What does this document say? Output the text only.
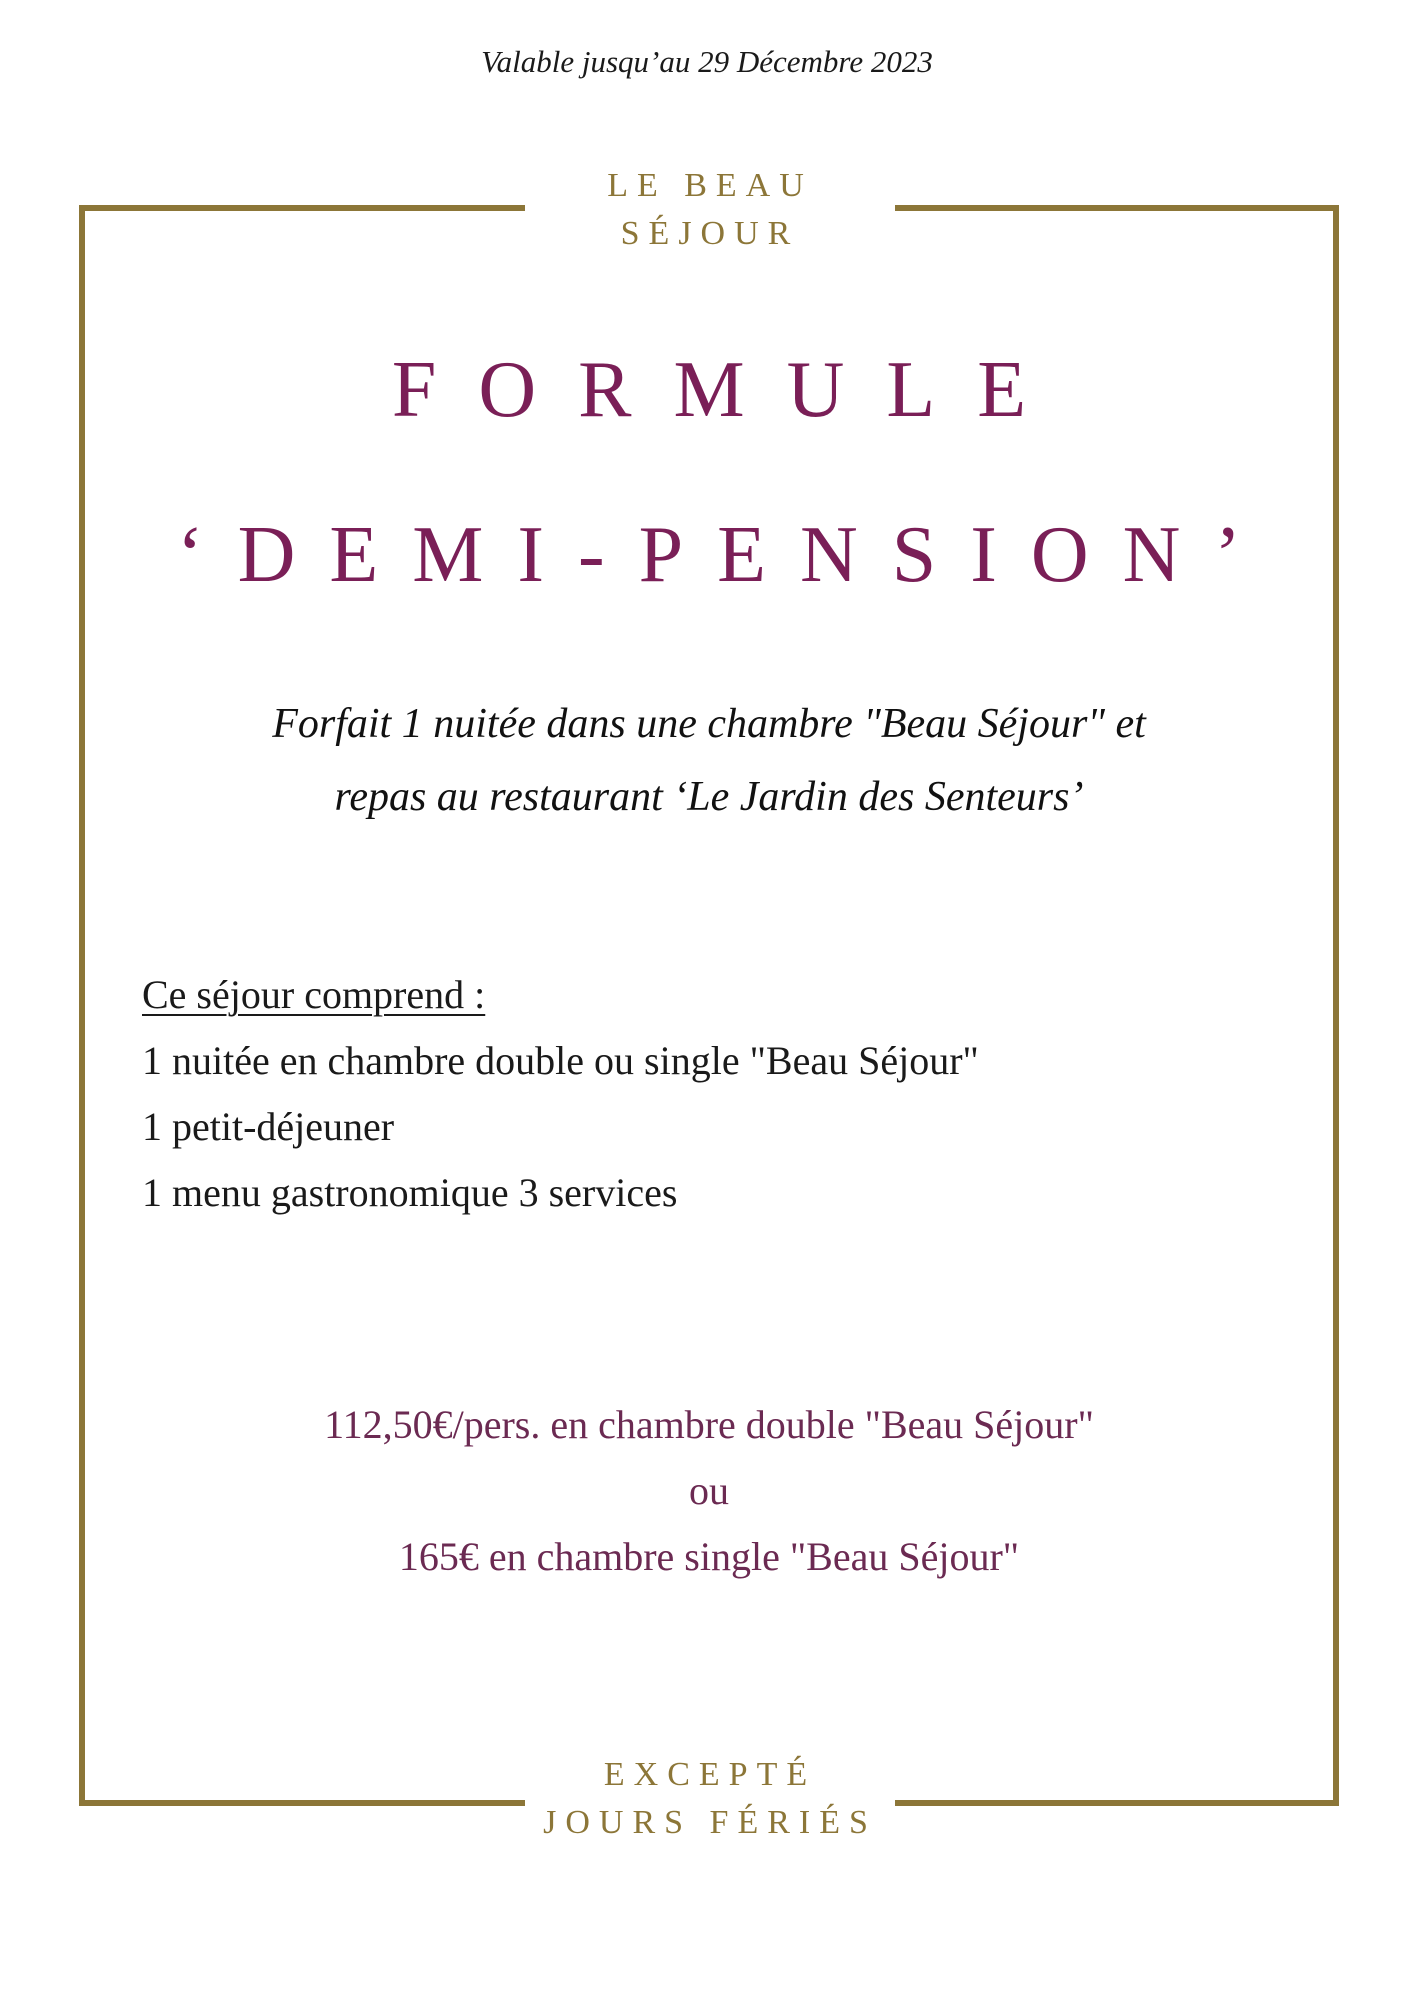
Valable jusqu’au 29 Décembre 2023
LE BEAU
SÉJOUR
FORMULE
‘DEMI-PENSION’
Forfait 1 nuitée dans une chambre "Beau Séjour" et
repas au restaurant ‘Le Jardin des Senteurs’
Ce séjour comprend :
1 nuitée en chambre double ou single "Beau Séjour"
1 petit-déjeuner
1 menu gastronomique 3 services
112,50€/pers. en chambre double "Beau Séjour"
ou
165€ en chambre single "Beau Séjour"
EXCEPTÉ
JOURS FÉRIÉS
